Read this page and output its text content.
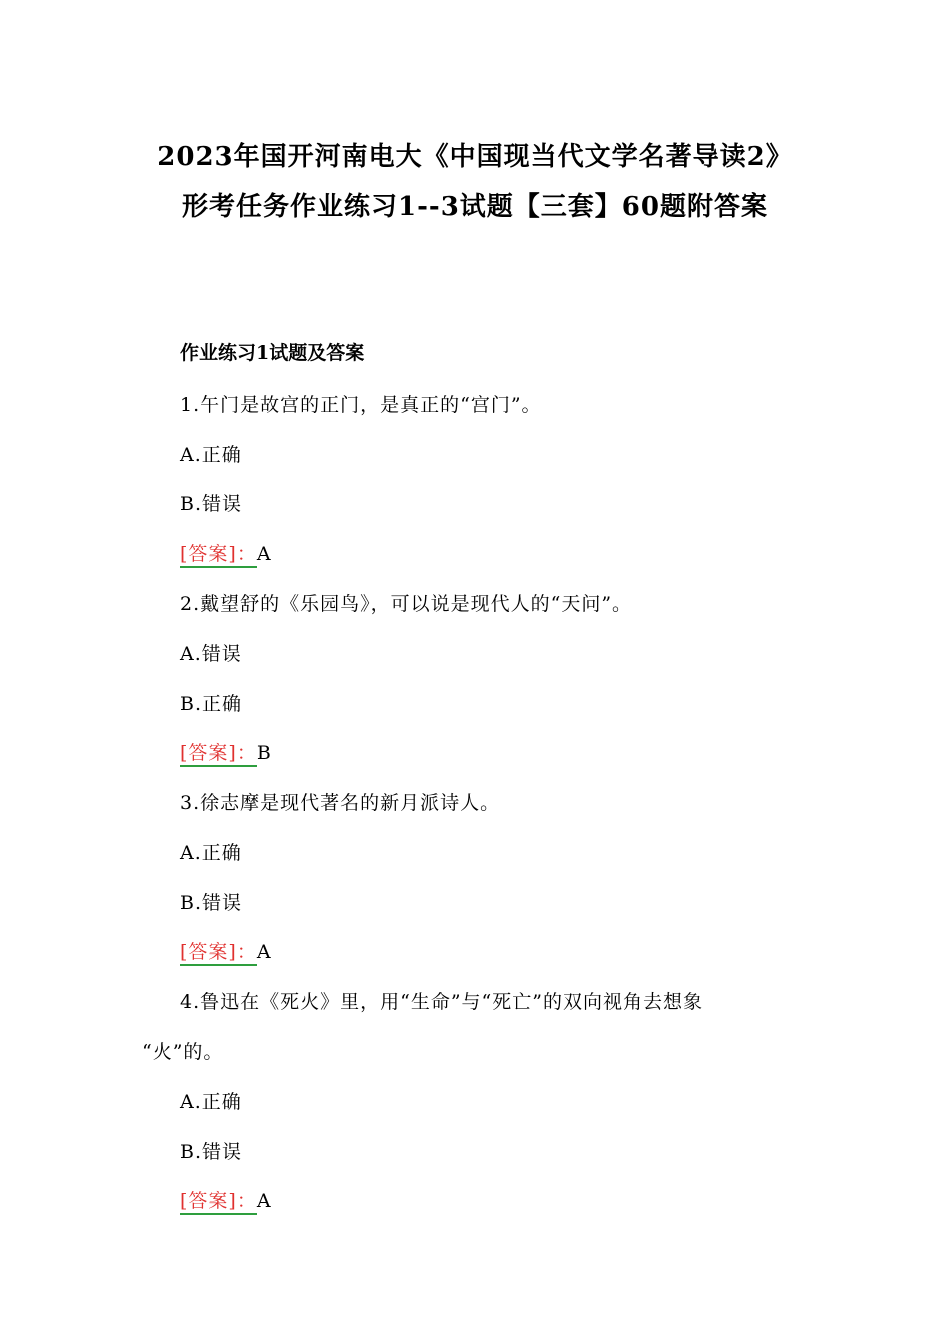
2023年国开河南电大《中国现当代文学名著导读2》
形考任务作业练习1--3试题【三套】60题附答案
作业练习1试题及答案
1.午门是故宫的正门，是真正的“宫门”。
A.正确
B.错误
[答案]：A
2.戴望舒的《乐园鸟》，可以说是现代人的“天问”。
A.错误
B.正确
[答案]：B
3.徐志摩是现代著名的新月派诗人。
A.正确
B.错误
[答案]：A
4.鲁迅在《死火》里，用“生命”与“死亡”的双向视角去想象
“火”的。
A.正确
B.错误
[答案]：A
